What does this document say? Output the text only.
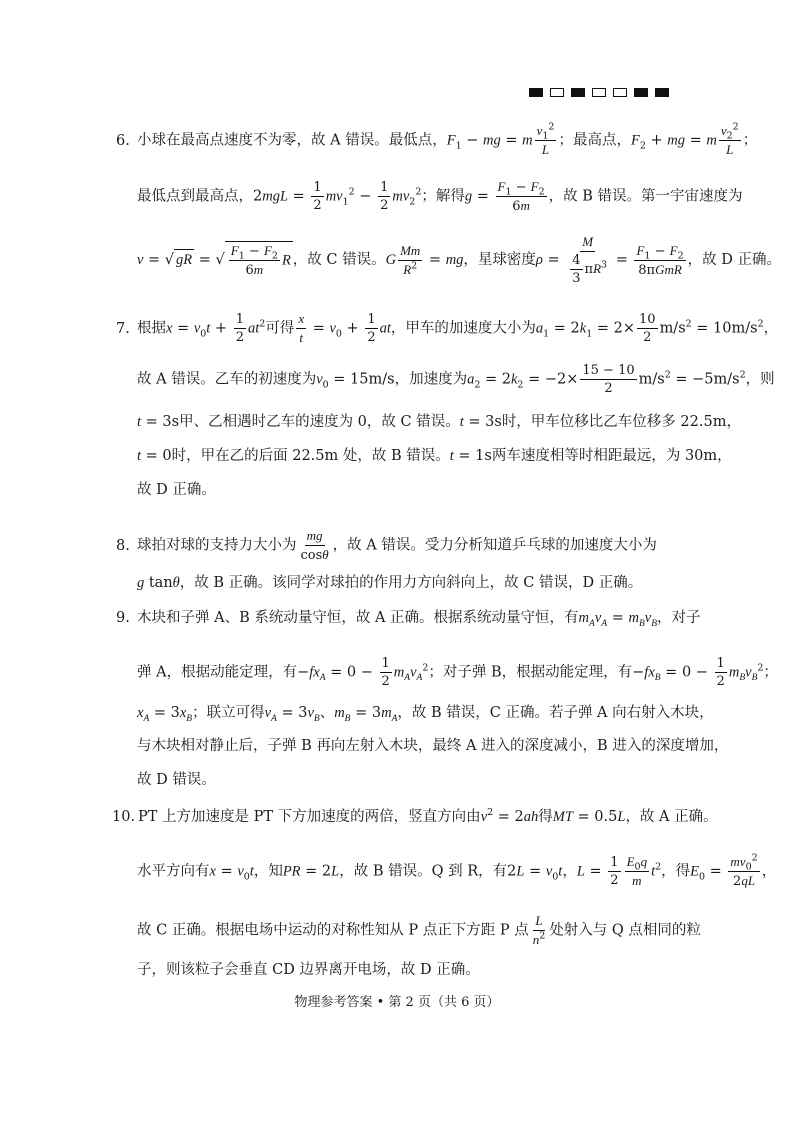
6. 小球在最高点速度不为零，故 A 错误。最低点，$F_1$ − mg = m $\frac{v_1^2}{L}$ ；最高点，$F_2$ + mg = m $\frac{v_2^2}{L}$ ；
最低点到最高点，$2mgL = \frac{1}{2} mv_1^2 - \frac{1}{2} mv_2^2$；解得$g = \frac{F_1 - F_2}{6m}$ ，故 B 错误。第一宇宙速度为
v = √ gR = √ $\frac{F_1 - F_2}{6m}$ R ，故 C 错误。G $\frac{Mm}{R^2}$ = mg，星球密度$\rho = \frac{M}{\frac{4}{3} \pi R^3} = \frac{F_1 - F_2}{\text{8πGmR}}$ ，故 D 正确。
7. 根据$x = v_0t + \frac{1}{2} at^2$可得 $\frac{x}{t} = v_0 + \frac{1}{2}$ at，甲车的加速度大小为$a_1 = 2k_1 = 2\times \frac{10}{2} m/s^2 = 10m/s^2$，
故 A 错误。乙车的初速度为$v_0 = 15m/s$，加速度为$a_2 = 2k_2 = -2\times \frac{15 - 10}{2} m/s^2 = -5m/s^2$，则
t = 3s甲、乙相遇时乙车的速度为 0，故 C 错误。t = 3s时，甲车位移比乙车位移多 22.5m，
t = 0时，甲在乙的后面 22.5m 处，故 B 错误。t = 1s两车速度相等时相距最远，为 30m，
故 D 正确。
8. 球拍对球的支持力大小为 $\frac{mg}{\cos\theta}$ ，故 A 错误。受力分析知道乒乓球的加速度大小为
g tanθ，故 B 正确。该同学对球拍的作用力方向斜向上，故 C 错误，D 正确。
9. 木块和子弹 A、B 系统动量守恒，故 A 正确。根据系统动量守恒，有$m_Av_A = m_Bv_B$，对子
弹 A，根据动能定理，有$-fx_A = 0 - \frac{1}{2} m_Av_A^2$；对子弹 B，根据动能定理，有$-fx_B = 0 - \frac{1}{2} m_Bv_B^2$；
$x_A = 3x_B$；联立可得$v_A = 3v_B$、$m_B = 3m_A$，故 B 错误，C 正确。若子弹 A 向右射入木块，
与木块相对静止后，子弹 B 再向左射入木块，最终 A 进入的深度减小，B 进入的深度增加，
故 D 错误。
10. PT 上方加速度是 PT 下方加速度的两倍，竖直方向由$v^2 = 2ah$得MT = 0.5L，故 A 正确。
水平方向有$x = v_0t$，知PR = 2L，故 B 错误。Q 到 R，有$2L = v_0t$，$L = \frac{1}{2} \frac{E_0q}{m} t^2$，得$E_0 = \frac{mv_0^2}{2qL}$ ，
故 C 正确。根据电场中运动的对称性知从 P 点正下方距 P 点 $\frac{L}{n^2}$ 处射入与 Q 点相同的粒
子，则该粒子会垂直 CD 边界离开电场，故 D 正确。
物理参考答案 • 第 2 页（共 6 页）
